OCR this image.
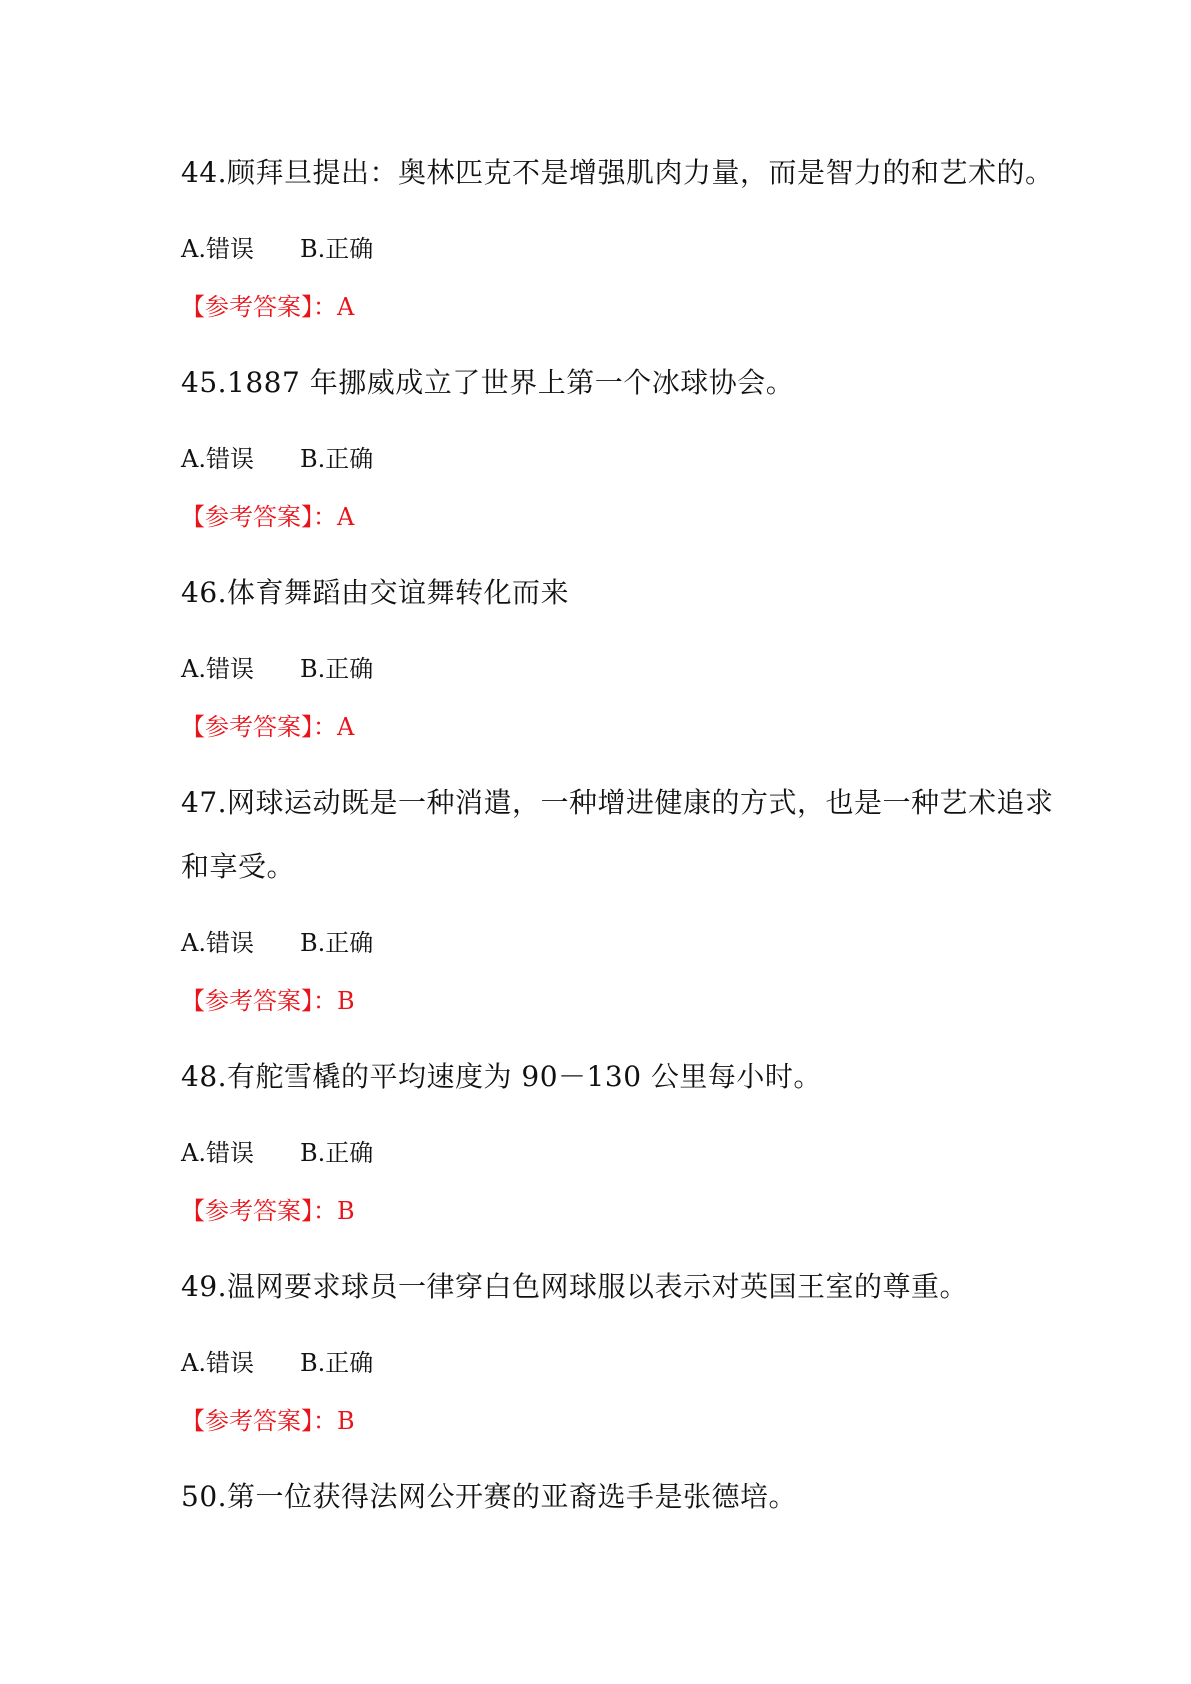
44.顾拜旦提出：奥林匹克不是增强肌肉力量，而是智力的和艺术的。
A.错误 B.正确
【参考答案】：A
45.1887 年挪威成立了世界上第一个冰球协会。
A.错误 B.正确
【参考答案】：A
46.体育舞蹈由交谊舞转化而来
A.错误 B.正确
【参考答案】：A
47.网球运动既是一种消遣，一种增进健康的方式，也是一种艺术追求
和享受。
A.错误 B.正确
【参考答案】：B
48.有舵雪橇的平均速度为 90－130 公里每小时。
A.错误 B.正确
【参考答案】：B
49.温网要求球员一律穿白色网球服以表示对英国王室的尊重。
A.错误 B.正确
【参考答案】：B
50.第一位获得法网公开赛的亚裔选手是张德培。
